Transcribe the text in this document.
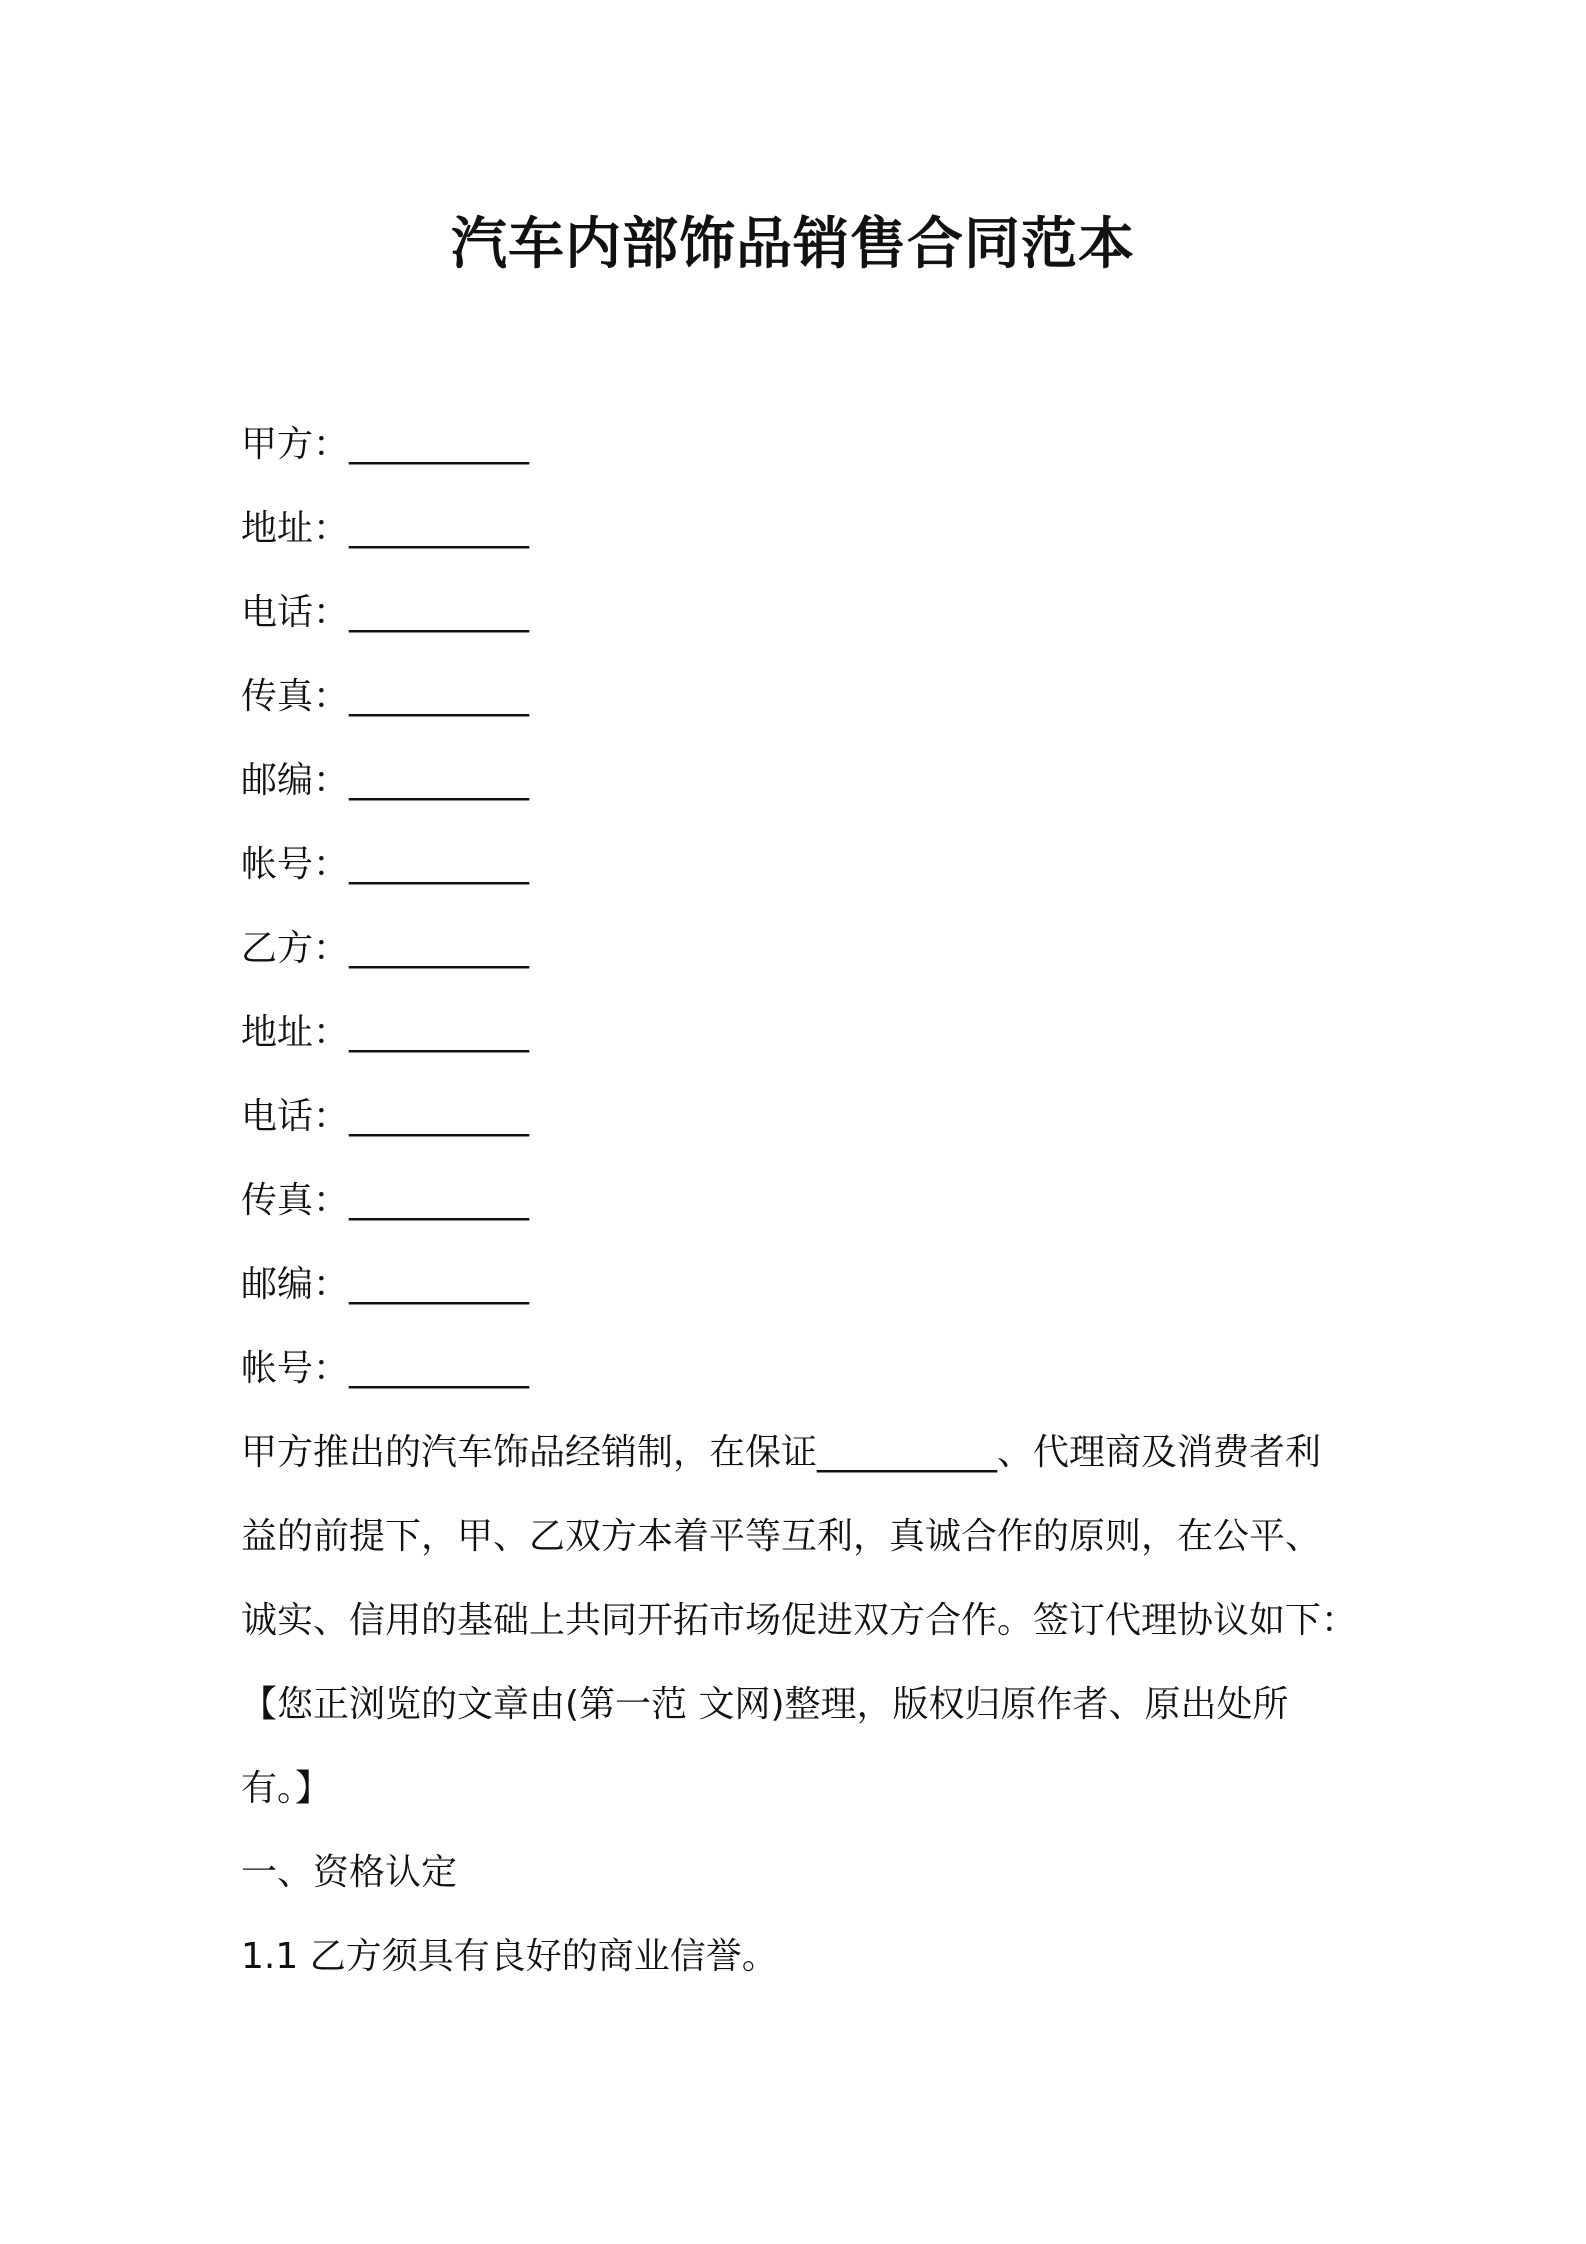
汽车内部饰品销售合同范本
甲方：__________
地址：__________
电话：__________
传真：__________
邮编：__________
帐号：__________
乙方：__________
地址：__________
电话：__________
传真：__________
邮编：__________
帐号：__________

甲方推出的汽车饰品经销制，在保证__________、代理商及消费者利
益的前提下，甲、乙双方本着平等互利，真诚合作的原则，在公平、
诚实、信用的基础上共同开拓市场促进双方合作。签订代理协议如下：
【您正浏览的文章由(第一范 文网)整理，版权归原作者、原出处所
有。】

一、资格认定
1.1 乙方须具有良好的商业信誉。
